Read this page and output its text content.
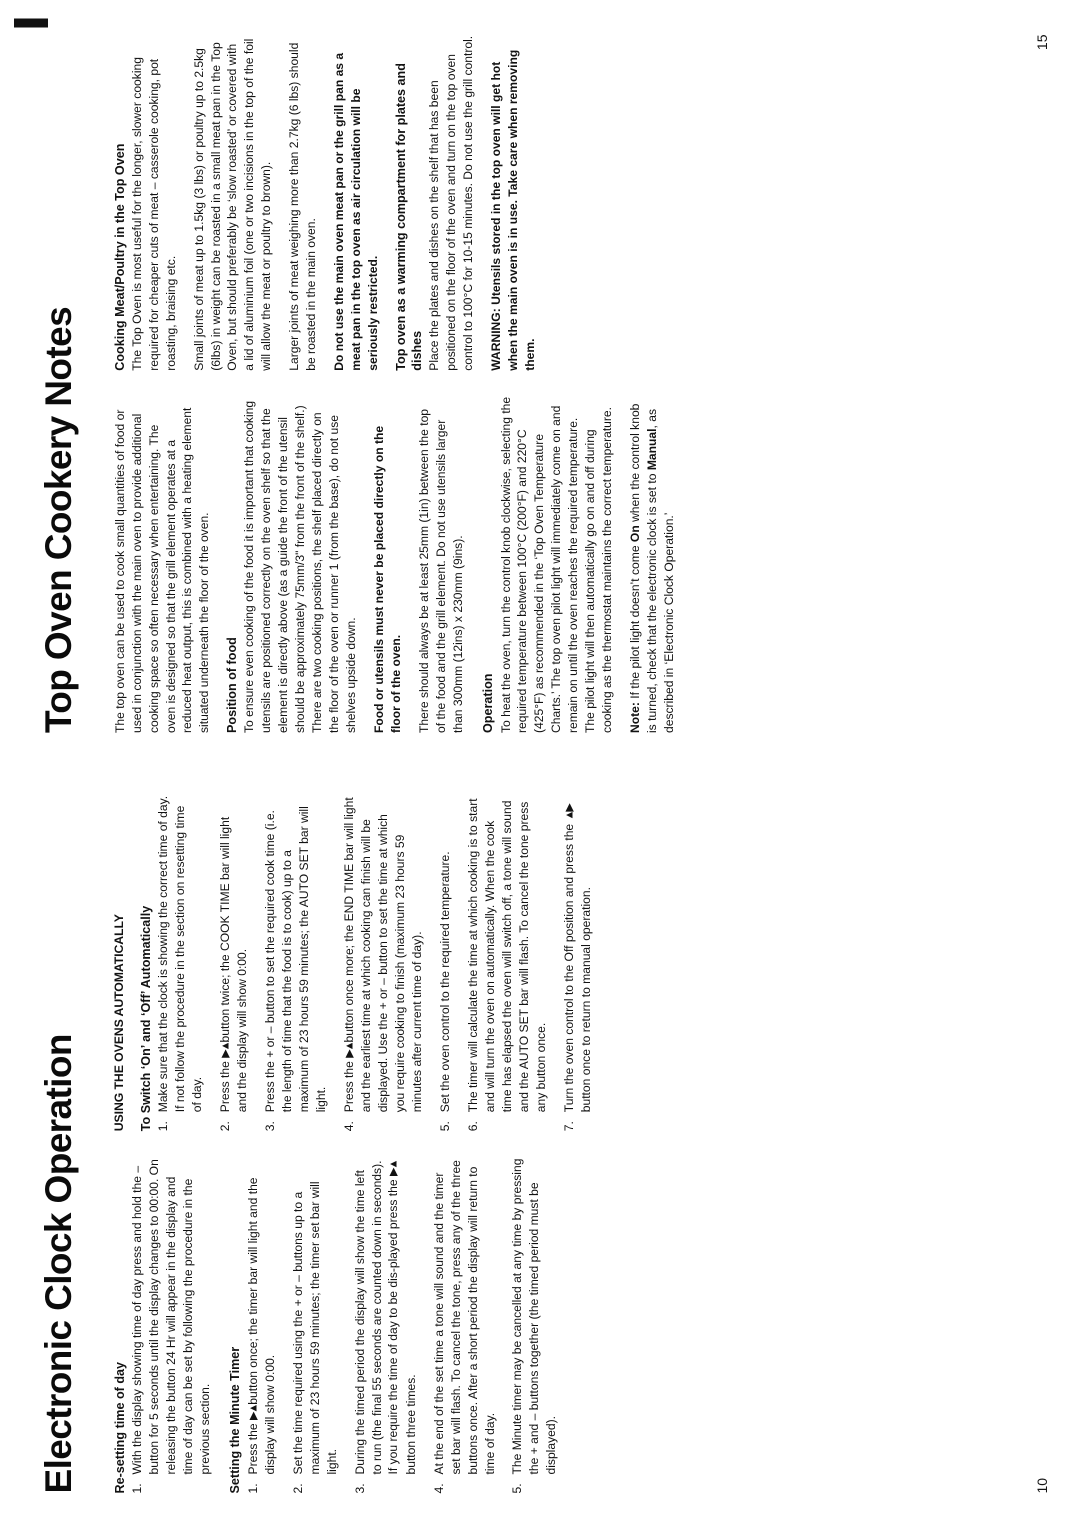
Electronic Clock Operation	Re-setting time of day 1.
With the display showing time of day press and hold the – button for 5 seconds until the display changes to 00:00. On releasing the button 24 Hr will appear in the display and time of day can be set by following the procedure in the previous section. Setting the Minute Timer 1.
Press the ▶▲button once; the timer bar will light and the display will show 0:00.
2.
Set the time required using the + or – buttons up to a maximum of 23 hours 59 minutes; the timer set bar will light.
3.
During the timed period the display will show the time left to run (the final 55 seconds are counted down in seconds). If you require the time of day to be dis-played press the ▶▲button three times.
4.
At the end of the set time a tone will sound and the timer set bar will flash. To cancel the tone, press any of the three buttons once. After a short period the display will return to time of day.
5.
The Minute timer may be cancelled at any time by pressing the + and – buttons together (the timed period must be displayed).
USING THE OVENS AUTOMATICALLY To Switch ‘On’ and ‘Off’ Automatically 1.
Make sure that the clock is showing the correct time of day. If not follow the procedure in the section on resetting time of day.
2.
Press the ▶▲button twice; the COOK TIME bar will light and the display will show 0:00.
3.
Press the + or – button to set the required cook time (i.e. the length of time that the food is to cook) up to a maximum of 23 hours 59 minutes; the AUTO SET bar will light.
4.
Press the ▶▲button once more; the END TIME bar will light and the earliest time at which cooking can finish will be displayed. Use the + or – button to set the time at which you require cooking to finish (maximum 23 hours 59 minutes after current time of day).
5.
Set the oven control to the required temperature.
6.
The timer will calculate the time at which cooking is to start and will turn the oven on automatically. When the cook time has elapsed the oven will switch off, a tone will sound and the AUTO SET bar will flash. To cancel the tone press any button once.
7.
Turn the oven control to the Off position and press the ▲▶button once to return to manual operation.
10
Top Oven Cookery Notes	The top oven can be used to cook small quantities of food or used in conjunction with the main oven to provide additional cooking space so often necessary when entertaining. The oven is designed so that the grill element operates at a reduced heat output, this is combined with a heating element situated underneath the floor of the oven. Position of food To ensure even cooking of the food it is important that cooking utensils are positioned correctly on the oven shelf so that the element is directly above (as a guide the front of the utensil should be approximately 75mm/3" from the front of the shelf.) There are two cooking positions, the shelf placed directly on the floor of the oven or runner 1 (from the base), do not use shelves upside down. Food or utensils must never be placed directly on the floor of the oven. There should always be at least 25mm (1in) between the top of the food and the grill element. Do not use utensils larger than 300mm (12ins) x 230mm (9ins). Operation To heat the oven, turn the control knob clockwise, selecting the required temperature between 100°C (200°F) and 220°C (425°F) as recommended in the ‘Top Oven Temperature Charts.’ The top oven pilot light will immediately come on and remain on until the oven reaches the required temperature. The pilot light will then automatically go on and off during cooking as the thermostat maintains the correct temperature. Note: If the pilot light doesn’t come On when the control knob is turned, check that the electronic clock is set to Manual, as described in ‘Electronic Clock Operation.’

Cooking Meat/Poultry in the Top Oven The Top Oven is most useful for the longer, slower cooking required for cheaper cuts of meat – casserole cooking, pot roasting, braising etc. Small joints of meat up to 1.5kg (3 lbs) or poultry up to 2.5kg (6lbs) in weight can be roasted in a small meat pan in the Top Oven, but should preferably be ‘slow roasted’ or covered with a lid of aluminium foil (one or two incisions in the top of the foil will allow the meat or poultry to brown). Larger joints of meat weighing more than 2.7kg (6 lbs) should be roasted in the main oven. Do not use the main oven meat pan or the grill pan as a meat pan in the top oven as air circulation will be seriously restricted. Top oven as a warming compartment for plates and dishes Place the plates and dishes on the shelf that has been positioned on the floor of the oven and turn on the top oven control to 100°C for 10-15 minutes. Do not use the grill control. WARNING: Utensils stored in the top oven will get hot when the main oven is in use. Take care when removing them.

15
